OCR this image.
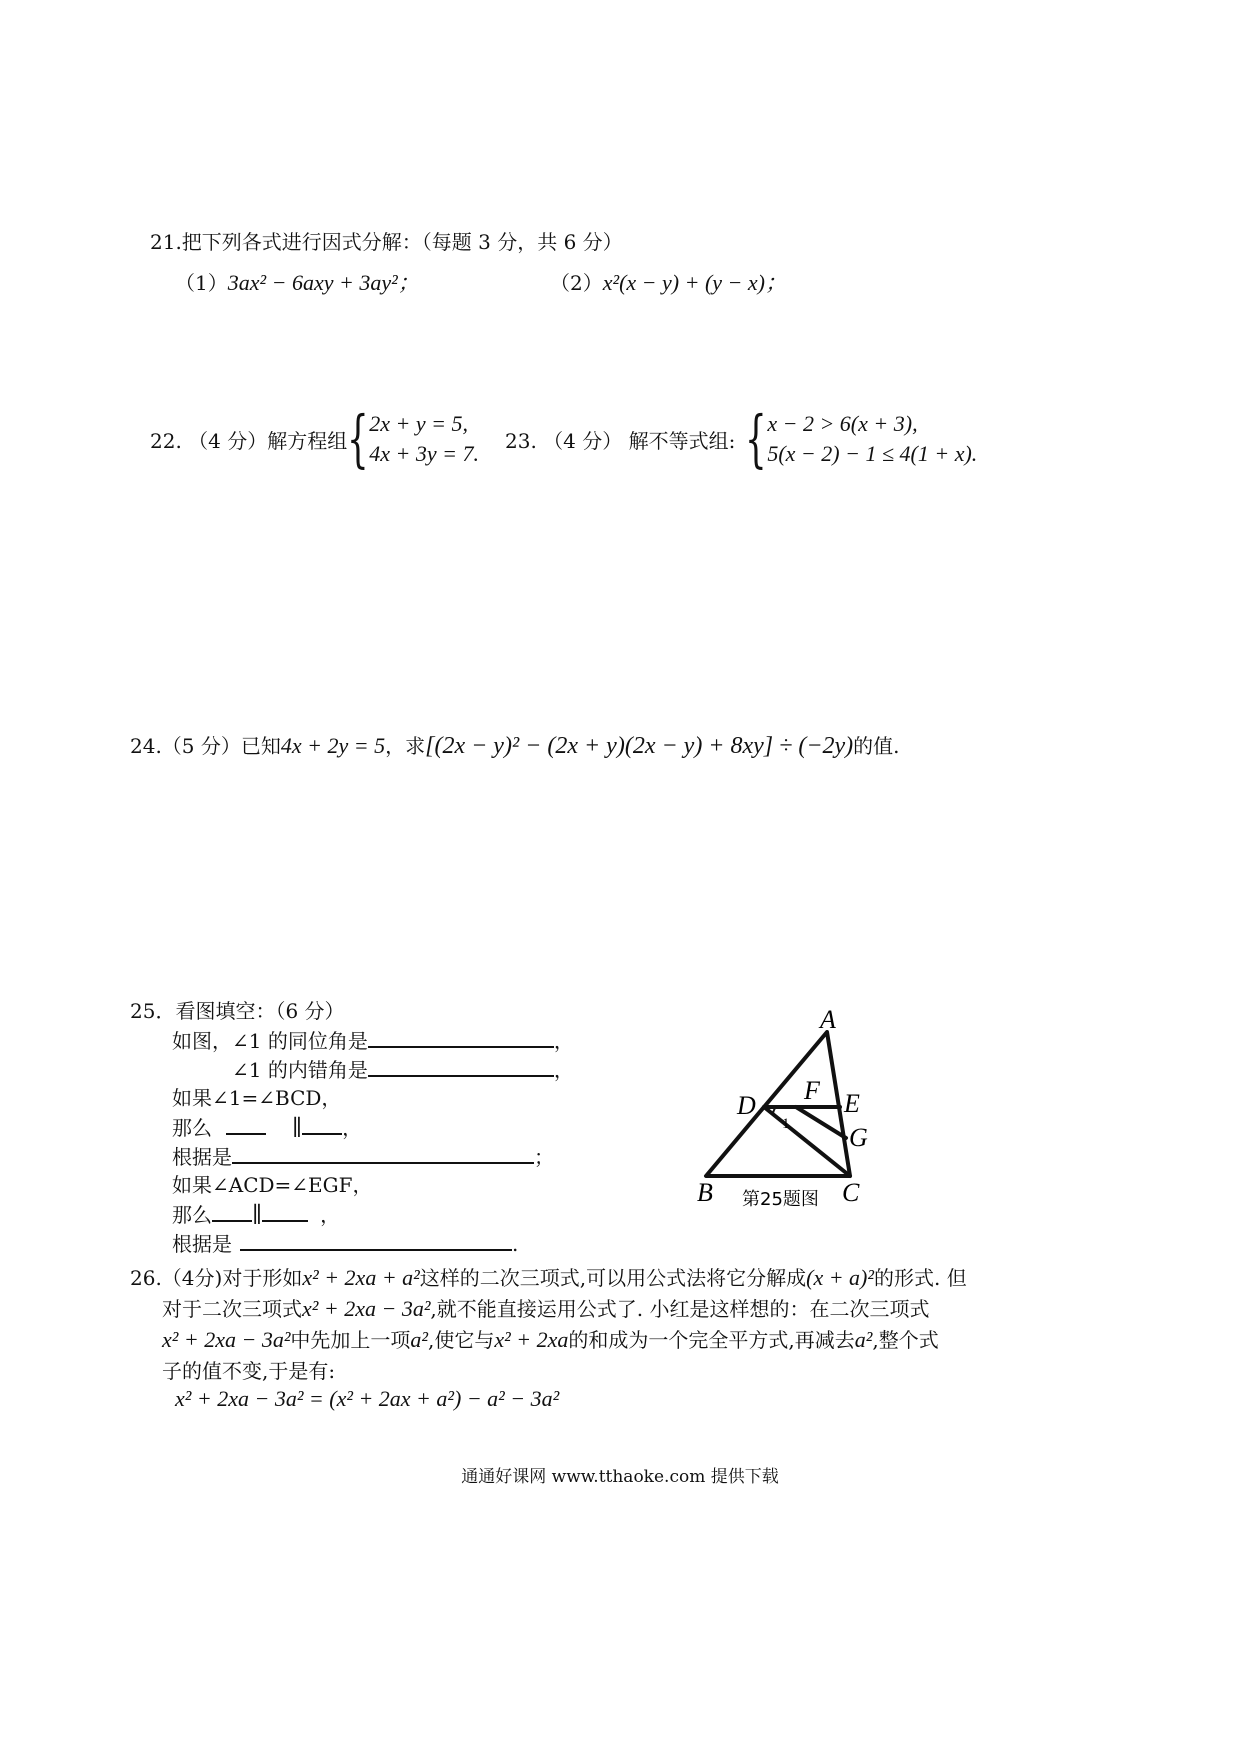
21.把下列各式进行因式分解：（每题 3 分，共 6 分）
（1）3ax² − 6axy + 3ay²；	（2）x²(x − y) + (y − x)；
22. （4 分）解方程组 { 2x + y = 5,
4x + 3y = 7.
23. （4 分） 解不等式组: { x − 2 > 6(x + 3),
5(x − 2) − 1 ≤ 4(1 + x).
24.（5 分）已知4x + 2y = 5，求[(2x − y)² − (2x + y)(2x − y) + 8xy] ÷ (−2y)的值.
25．看图填空：（6 分）
如图，∠1 的同位角是	，
∠1 的内错角是	，
如果∠1=∠BCD，
那么	∥ ，
根据是	；
如果∠ACD=∠EGF，
那么 ∥	，
根据是	.
A
B	C
D	E
F
G
1
第25题图
26.（4分)对于形如x² + 2xa + a²这样的二次三项式,可以用公式法将它分解成(x + a)²的形式. 但
对于二次三项式x² + 2xa − 3a²,就不能直接运用公式了. 小红是这样想的：在二次三项式
x² + 2xa − 3a²中先加上一项a²,使它与x² + 2xa的和成为一个完全平方式,再减去a²,整个式
子的值不变,于是有:
x² + 2xa − 3a² = (x² + 2ax + a²) − a² − 3a²
通通好课网 www.tthaoke.com 提供下载
